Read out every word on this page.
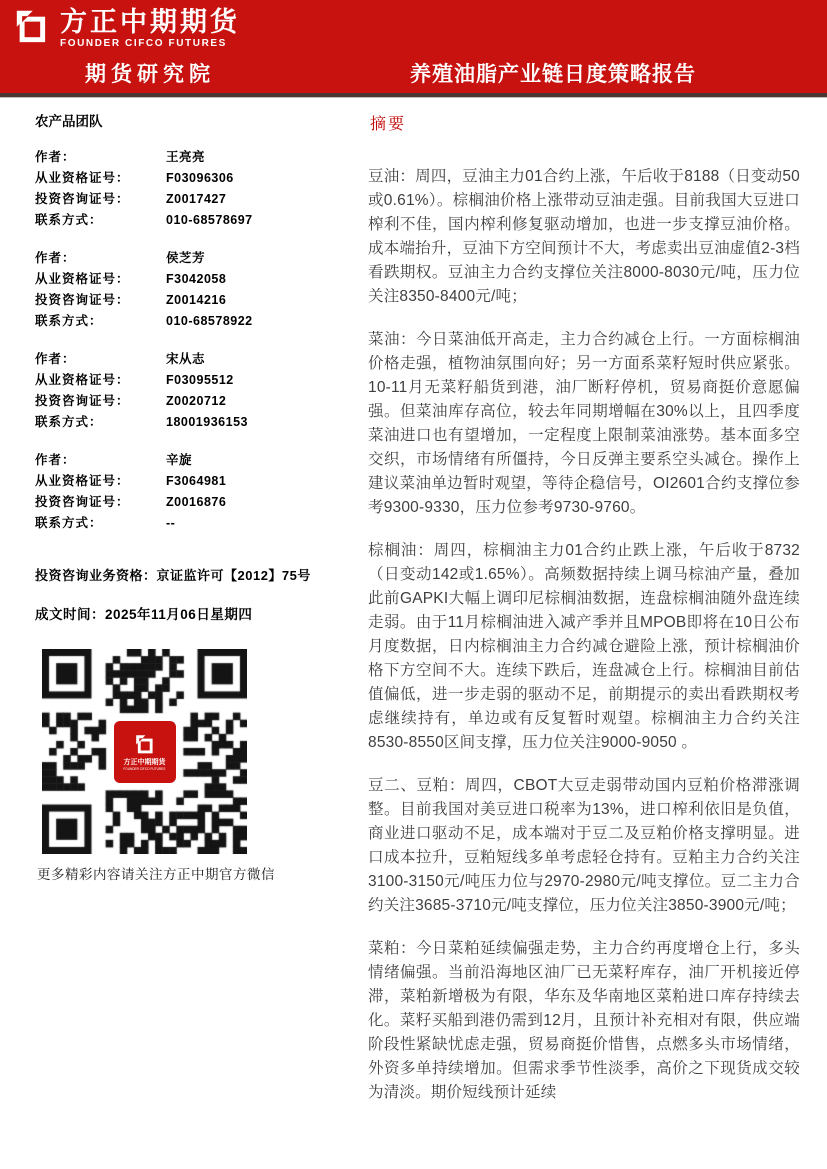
方正中期期货
FOUNDER CIFCO FUTURES
期货研究院	养殖油脂产业链日度策略报告
农产品团队
作者：	王亮亮
从业资格证号：	F03096306
投资咨询证号：	Z0017427
联系方式：	010-68578697
作者：	侯芝芳
从业资格证号：	F3042058
投资咨询证号：	Z0014216
联系方式：	010-68578922
作者：	宋从志
从业资格证号：	F03095512
投资咨询证号：	Z0020712
联系方式：	18001936153
作者：	辛旋
从业资格证号：	F3064981
投资咨询证号：	Z0016876
联系方式：	--
投资咨询业务资格：京证监许可【2012】75号
成文时间：2025年11月06日星期四
方正中期期货
FOUNDER CIFCO FUTURES
更多精彩内容请关注方正中期官方微信
摘要

豆油：周四，豆油主力01合约上涨，午后收于8188（日变动50或0.61%）。棕榈油价格上涨带动豆油走强。目前我国大豆进口榨利不佳，国内榨利修复驱动增加，也进一步支撑豆油价格。成本端抬升，豆油下方空间预计不大，考虑卖出豆油虚值2-3档看跌期权。豆油主力合约支撑位关注8000-8030元/吨，压力位关注8350-8400元/吨；

菜油：今日菜油低开高走，主力合约减仓上行。一方面棕榈油价格走强，植物油氛围向好；另一方面系菜籽短时供应紧张。10-11月无菜籽船货到港，油厂断籽停机，贸易商挺价意愿偏强。但菜油库存高位，较去年同期增幅在30%以上，且四季度菜油进口也有望增加，一定程度上限制菜油涨势。基本面多空交织，市场情绪有所僵持，今日反弹主要系空头减仓。操作上建议菜油单边暂时观望，等待企稳信号，OI2601合约支撑位参考9300-9330，压力位参考9730-9760。

棕榈油：周四，棕榈油主力01合约止跌上涨，午后收于8732（日变动142或1.65%）。高频数据持续上调马棕油产量，叠加此前GAPKI大幅上调印尼棕榈油数据，连盘棕榈油随外盘连续走弱。由于11月棕榈油进入减产季并且MPOB即将在10日公布月度数据，日内棕榈油主力合约减仓避险上涨，预计棕榈油价格下方空间不大。连续下跌后，连盘减仓上行。棕榈油目前估值偏低，进一步走弱的驱动不足，前期提示的卖出看跌期权考虑继续持有，单边或有反复暂时观望。棕榈油主力合约关注8530-8550区间支撑，压力位关注9000-9050 。

豆二、豆粕：周四，CBOT大豆走弱带动国内豆粕价格滞涨调整。目前我国对美豆进口税率为13%，进口榨利依旧是负值，商业进口驱动不足，成本端对于豆二及豆粕价格支撑明显。进口成本拉升，豆粕短线多单考虑轻仓持有。豆粕主力合约关注3100-3150元/吨压力位与2970-2980元/吨支撑位。豆二主力合约关注3685-3710元/吨支撑位，压力位关注3850-3900元/吨；

菜粕：今日菜粕延续偏强走势，主力合约再度增仓上行，多头情绪偏强。当前沿海地区油厂已无菜籽库存，油厂开机接近停滞，菜粕新增极为有限，华东及华南地区菜粕进口库存持续去化。菜籽买船到港仍需到12月，且预计补充相对有限，供应端阶段性紧缺忧虑走强，贸易商挺价惜售，点燃多头市场情绪，外资多单持续增加。但需求季节性淡季，高价之下现货成交较为清淡。期价短线预计延续
